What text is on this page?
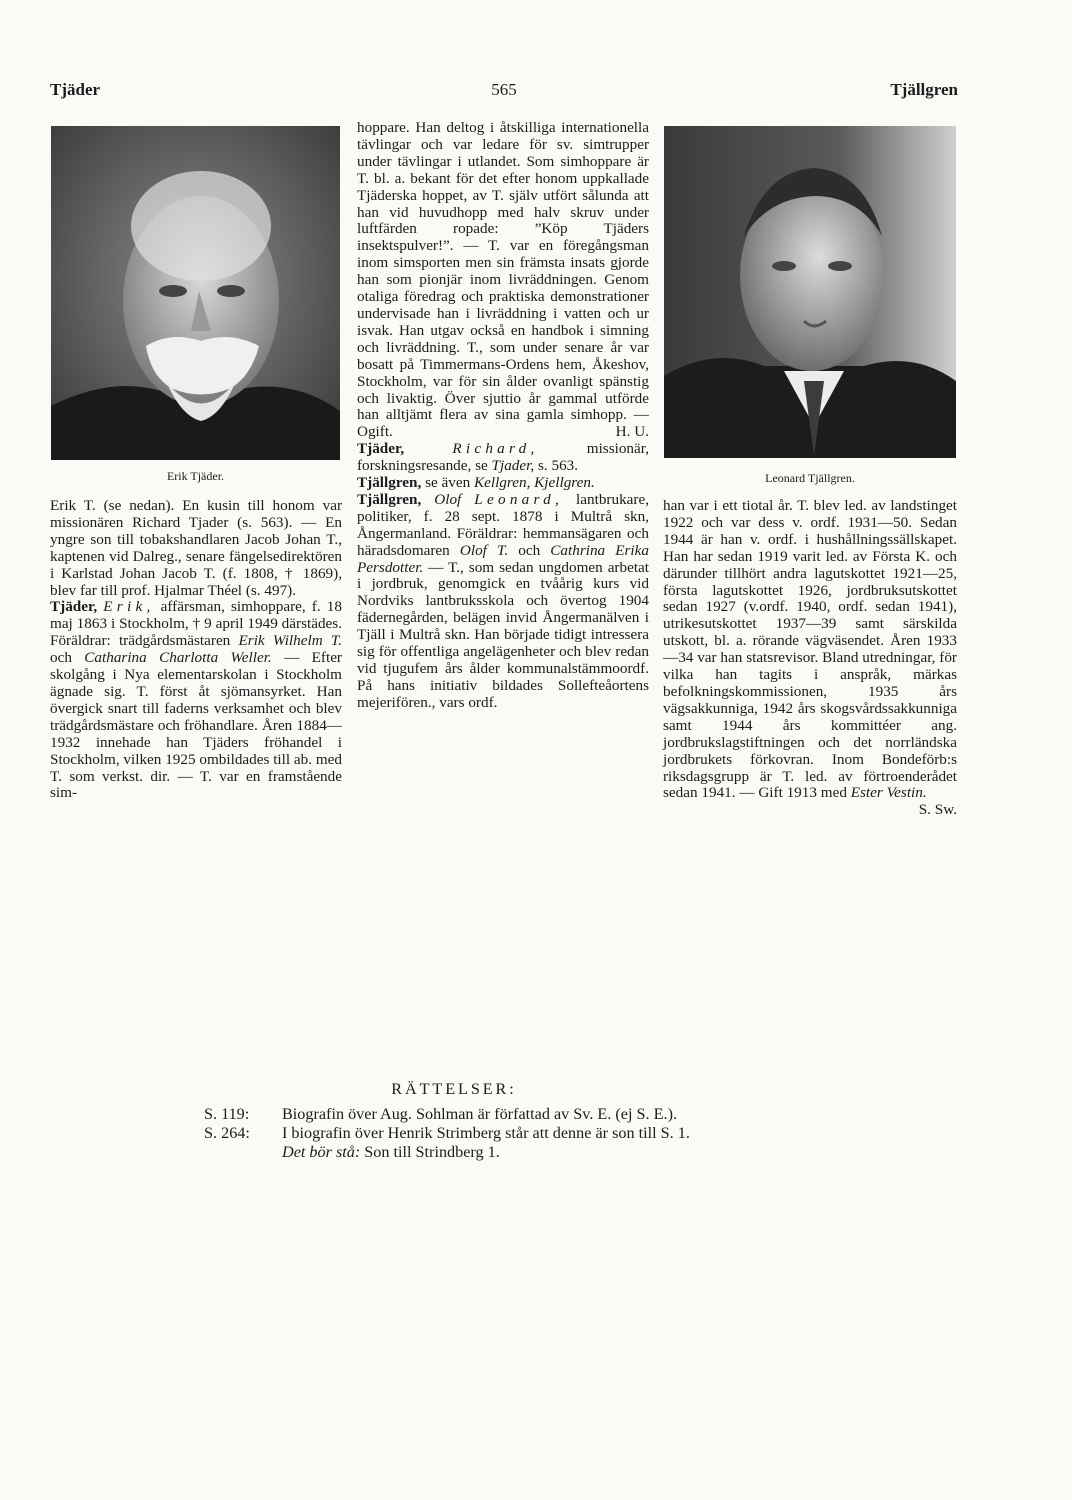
Tjäder	565	Tjällgren
Erik Tjäder.	Leonard Tjällgren.

Erik T. (se nedan). En kusin till honom var missionären Richard Tjader (s. 563). — En yngre son till tobakshandlaren Jacob Johan T., kaptenen vid Dalreg., senare fängelsedirektören i Karlstad Johan Jacob T. (f. 1808, † 1869), blev far till prof. Hjalmar Théel (s. 497).

Tjäder, Erik, affärsman, simhoppare, f. 18 maj 1863 i Stockholm, † 9 april 1949 därstädes. Föräldrar: trädgårdsmästaren Erik Wilhelm T. och Catharina Charlotta Weller. — Efter skolgång i Nya elementarskolan i Stockholm ägnade sig. T. först åt sjömansyrket. Han övergick snart till faderns verksamhet och blev trädgårdsmästare och fröhandlare. Åren 1884—1932 innehade han Tjäders fröhandel i Stockholm, vilken 1925 ombildades till ab. med T. som verkst. dir. — T. var en framstående sim-

hoppare. Han deltog i åtskilliga internationella tävlingar och var ledare för sv. simtrupper under tävlingar i utlandet. Som simhoppare är T. bl. a. bekant för det efter honom uppkallade Tjäderska hoppet, av T. själv utfört sålunda att han vid huvudhopp med halv skruv under luftfärden ropade: ”Köp Tjäders insektspulver!”. — T. var en föregångsman inom simsporten men sin främsta insats gjorde han som pionjär inom livräddningen. Genom otaliga föredrag och praktiska demonstrationer undervisade han i livräddning i vatten och ur isvak. Han utgav också en handbok i simning och livräddning. T., som under senare år var bosatt på Timmermans-Ordens hem, Åkeshov, Stockholm, var för sin ålder ovanligt spänstig och livaktig. Över sjuttio år gammal utförde han alltjämt flera av sina gamla simhopp. — Ogift.	H. U.

Tjäder,	Richard,	missionär, forskningsresande, se Tjader, s. 563.

Tjällgren, se även Kellgren, Kjellgren.

Tjällgren, Olof Leonard, lantbrukare, politiker, f. 28 sept. 1878 i Multrå skn, Ångermanland. Föräldrar: hemmansägaren och häradsdomaren Olof T. och Cathrina Erika Persdotter. — T., som sedan ungdomen arbetat i jordbruk, genomgick en tvåårig kurs vid Nordviks lantbruksskola och övertog 1904 fädernegården, belägen invid Ångermanälven i Tjäll i Multrå skn. Han började tidigt intressera sig för offentliga angelägenheter och blev redan vid tjugufem års ålder kommunalstämmoordf. På hans initiativ bildades Sollefteåortens mejerifören., vars ordf.

han var i ett tiotal år. T. blev led. av landstinget 1922 och var dess v. ordf. 1931—50. Sedan 1944 är han v. ordf. i hushållningssällskapet. Han har sedan 1919 varit led. av Första K. och därunder tillhört andra lagutskottet 1921—25, första lagutskottet 1926, jordbruksutskottet sedan 1927 (v.ordf. 1940, ordf. sedan 1941), utrikesutskottet 1937—39 samt särskilda utskott, bl. a. rörande vägväsendet. Åren 1933—34 var han statsrevisor. Bland utredningar, för vilka han tagits i anspråk, märkas befolkningskommissionen, 1935 års vägsakkunniga, 1942 års skogsvårdssakkunniga samt 1944 års kommittéer ang. jordbrukslagstiftningen och det norrländska jordbrukets förkovran. Inom Bondeförb:s riksdagsgrupp är T. led. av förtroenderådet sedan 1941. — Gift 1913 med Ester Vestin.
S. Sw.

RÄTTELSER:
S. 119: Biografin över Aug. Sohlman är författad av Sv. E. (ej S. E.).
S. 264: I biografin över Henrik Strimberg står att denne är son till S. 1.
Det bör stå: Son till Strindberg 1.
